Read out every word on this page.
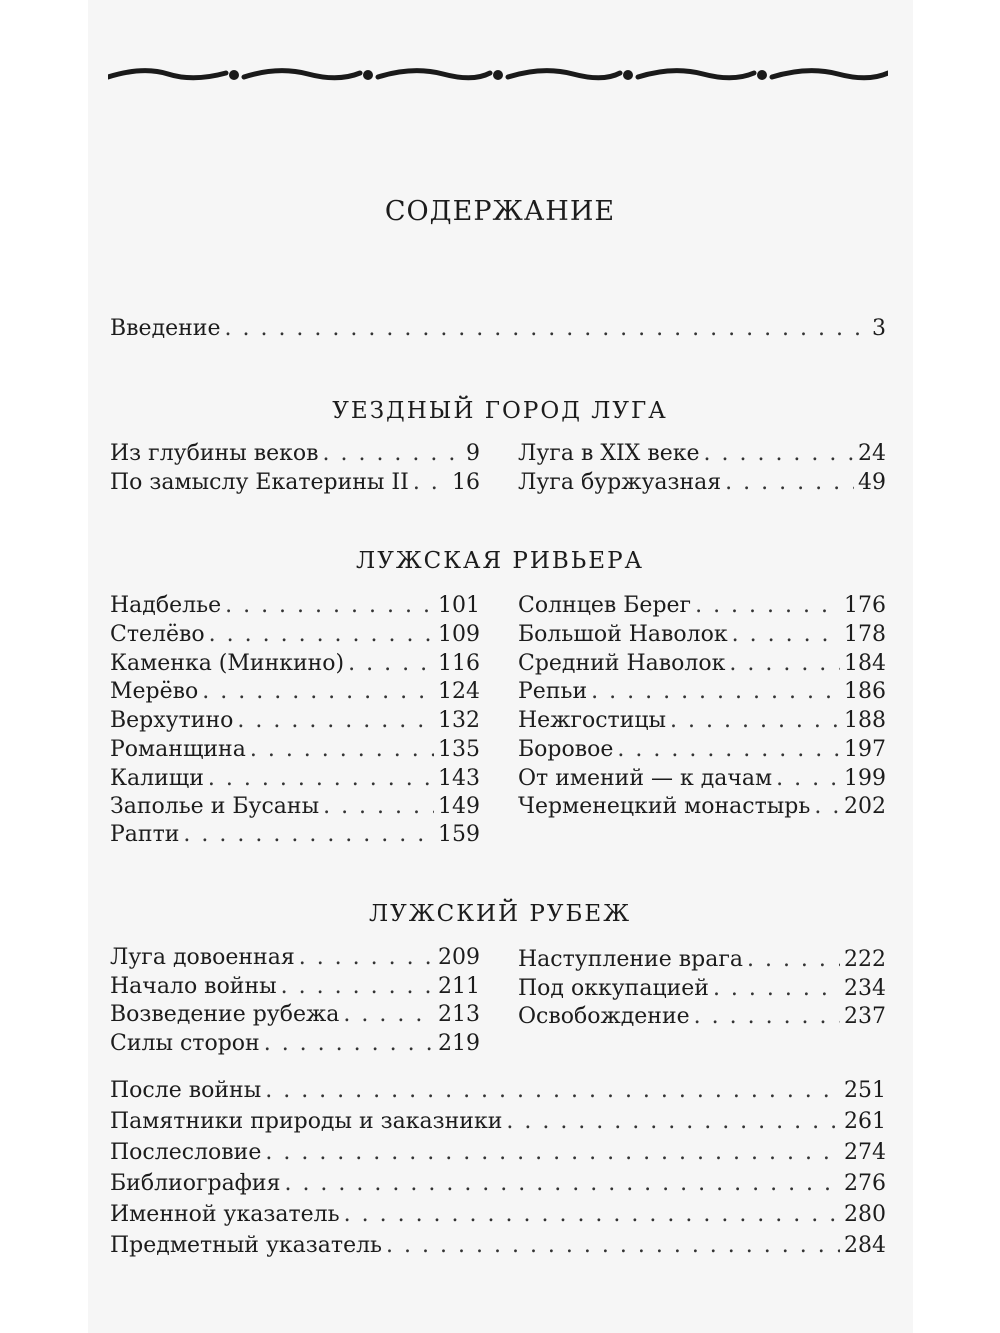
СОДЕРЖАНИЕ
Введение . . .	3
УЕЗДНЫЙ ГОРОД ЛУГА
Из глубины веков . . .	9
По замыслу Екатерины II . . . 16
Луга в XIX веке . . .	24
Луга буржуазная . . .	49
ЛУЖСКАЯ РИВЬЕРА
Надбелье . . .	101
Стелёво . . .	109
Каменка (Минкино) . . .	116
Мерёво . . .	124
Верхутино . . .	132
Романщина . . .	135
Калищи . . .	143
Заполье и Бусаны . . .	149
Рапти . . .	159
Солнцев Берег . . .	176
Большой Наволок . . .	178
Средний Наволок . . .	184
Репьи . . .	186
Нежгостицы . . .	188
Боровое . . .	197
От имений — к дачам . . .	199
Черменецкий монастырь . . . 202
ЛУЖСКИЙ РУБЕЖ
Луга довоенная . . .	209
Начало войны . . .	211
Возведение рубежа . . .	213
Силы сторон . . .	219
Наступление врага . . .	222
Под оккупацией . . .	234
Освобождение . . .	237
После войны . . .	251
Памятники природы и заказники . . .	261
Послесловие . . .	274
Библиография . . .	276
Именной указатель . . .	280
Предметный указатель . . .	284
